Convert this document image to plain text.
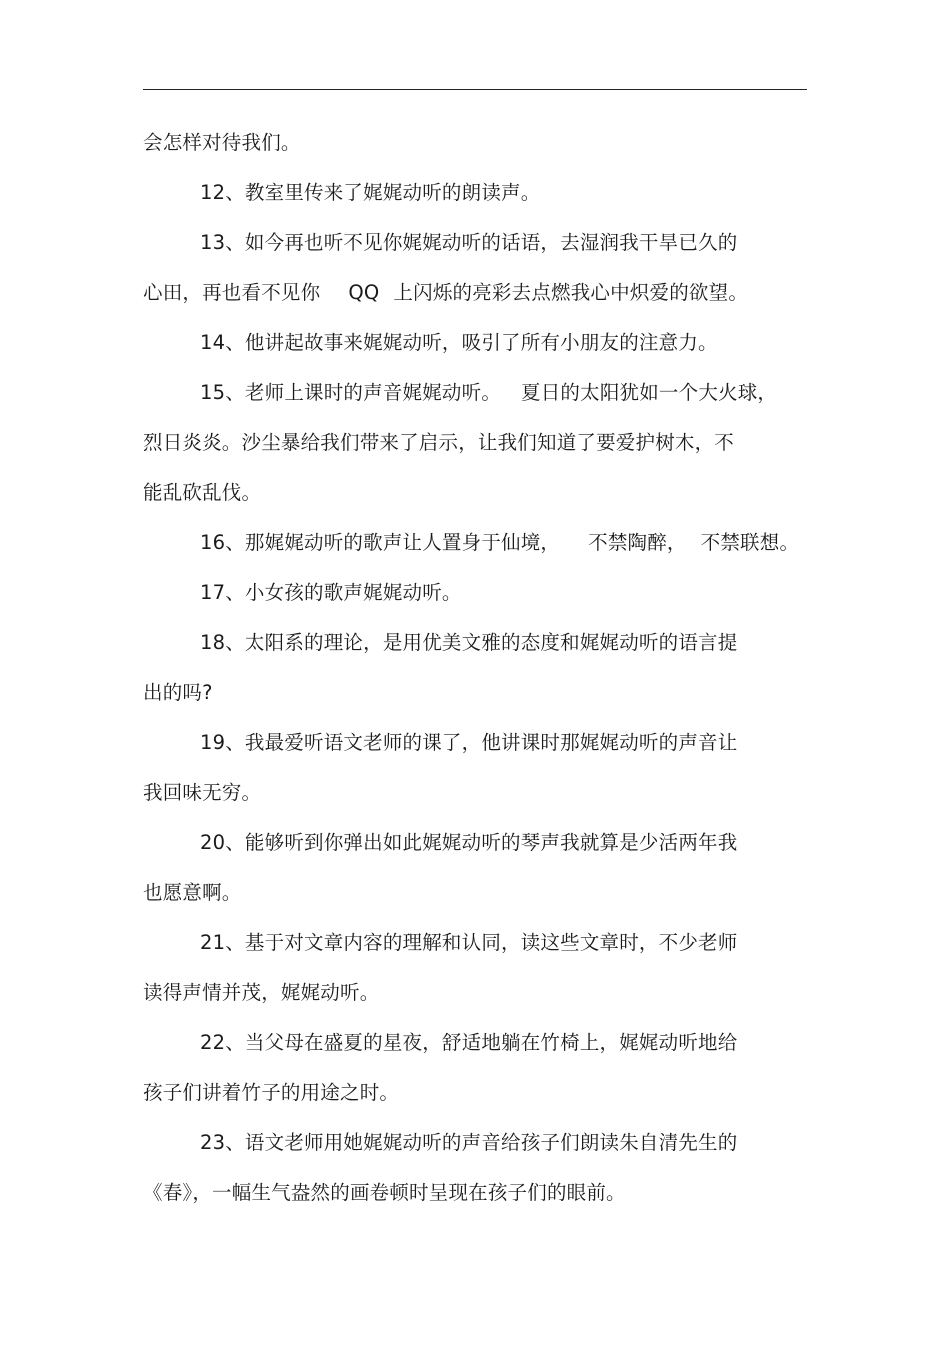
会怎样对待我们。
12、教室里传来了娓娓动听的朗读声。
13、如今再也听不见你娓娓动听的话语，去湿润我干旱已久的
心田，再也看不见你 QQ 上闪烁的亮彩去点燃我心中炽爱的欲望。
14、他讲起故事来娓娓动听，吸引了所有小朋友的注意力。
15、老师上课时的声音娓娓动听。 夏日的太阳犹如一个大火球，
烈日炎炎。沙尘暴给我们带来了启示，让我们知道了要爱护树木，不
能乱砍乱伐。
16、那娓娓动听的歌声让人置身于仙境， 不禁陶醉， 不禁联想。
17、小女孩的歌声娓娓动听。
18、太阳系的理论，是用优美文雅的态度和娓娓动听的语言提
出的吗?
19、我最爱听语文老师的课了，他讲课时那娓娓动听的声音让
我回味无穷。
20、能够听到你弹出如此娓娓动听的琴声我就算是少活两年我
也愿意啊。
21、基于对文章内容的理解和认同，读这些文章时，不少老师
读得声情并茂，娓娓动听。
22、当父母在盛夏的星夜，舒适地躺在竹椅上，娓娓动听地给
孩子们讲着竹子的用途之时。
23、语文老师用她娓娓动听的声音给孩子们朗读朱自清先生的
《春》，一幅生气盎然的画卷顿时呈现在孩子们的眼前。
